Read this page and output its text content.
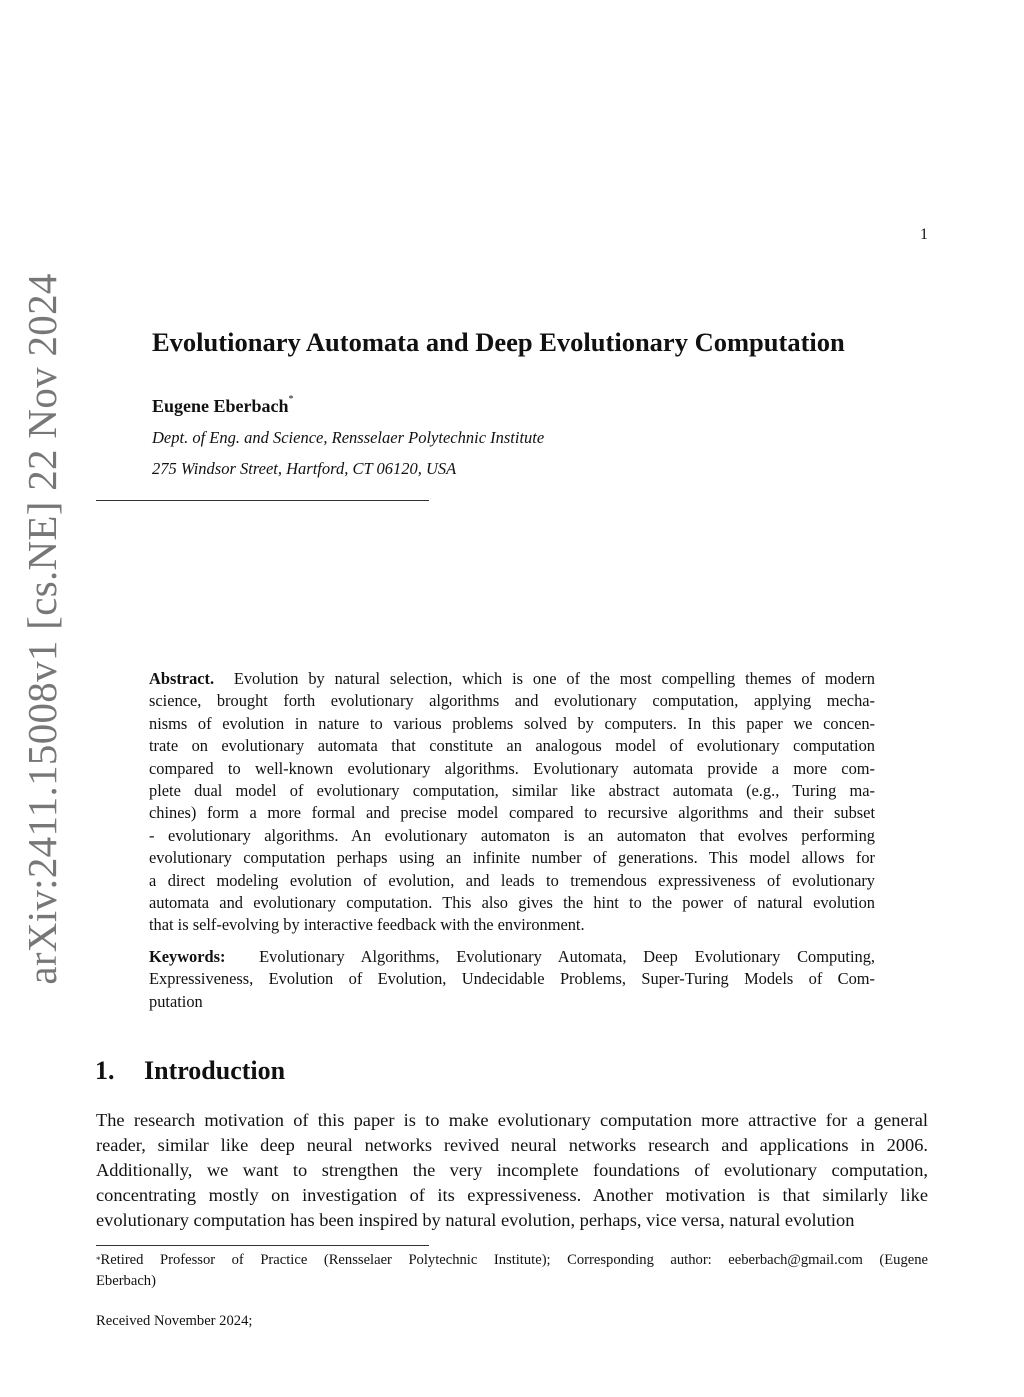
1
arXiv:2411.15008v1 [cs.NE] 22 Nov 2024	Evolutionary Automata and Deep Evolutionary Computation
Eugene Eberbach*
Dept. of Eng. and Science, Rensselaer Polytechnic Institute
275 Windsor Street, Hartford, CT 06120, USA
Abstract. Evolution by natural selection, which is one of the most compelling themes of modern
science, brought forth evolutionary algorithms and evolutionary computation, applying mecha-
nisms of evolution in nature to various problems solved by computers. In this paper we concen-
trate on evolutionary automata that constitute an analogous model of evolutionary computation
compared to well-known evolutionary algorithms. Evolutionary automata provide a more com-
plete dual model of evolutionary computation, similar like abstract automata (e.g., Turing ma-
chines) form a more formal and precise model compared to recursive algorithms and their subset
- evolutionary algorithms. An evolutionary automaton is an automaton that evolves performing
evolutionary computation perhaps using an infinite number of generations. This model allows for
a direct modeling evolution of evolution, and leads to tremendous expressiveness of evolutionary
automata and evolutionary computation. This also gives the hint to the power of natural evolution
that is self-evolving by interactive feedback with the environment.
Keywords: Evolutionary Algorithms, Evolutionary Automata, Deep Evolutionary Computing,
Expressiveness, Evolution of Evolution, Undecidable Problems, Super-Turing Models of Com-
putation
1. Introduction
The research motivation of this paper is to make evolutionary computation more attractive for a general
reader, similar like deep neural networks revived neural networks research and applications in 2006.
Additionally, we want to strengthen the very incomplete foundations of evolutionary computation,
concentrating mostly on investigation of its expressiveness. Another motivation is that similarly like
evolutionary computation has been inspired by natural evolution, perhaps, vice versa, natural evolution
*Retired Professor of Practice (Rensselaer Polytechnic Institute); Corresponding author: eeberbach@gmail.com (Eugene
Eberbach)
Received November 2024;
